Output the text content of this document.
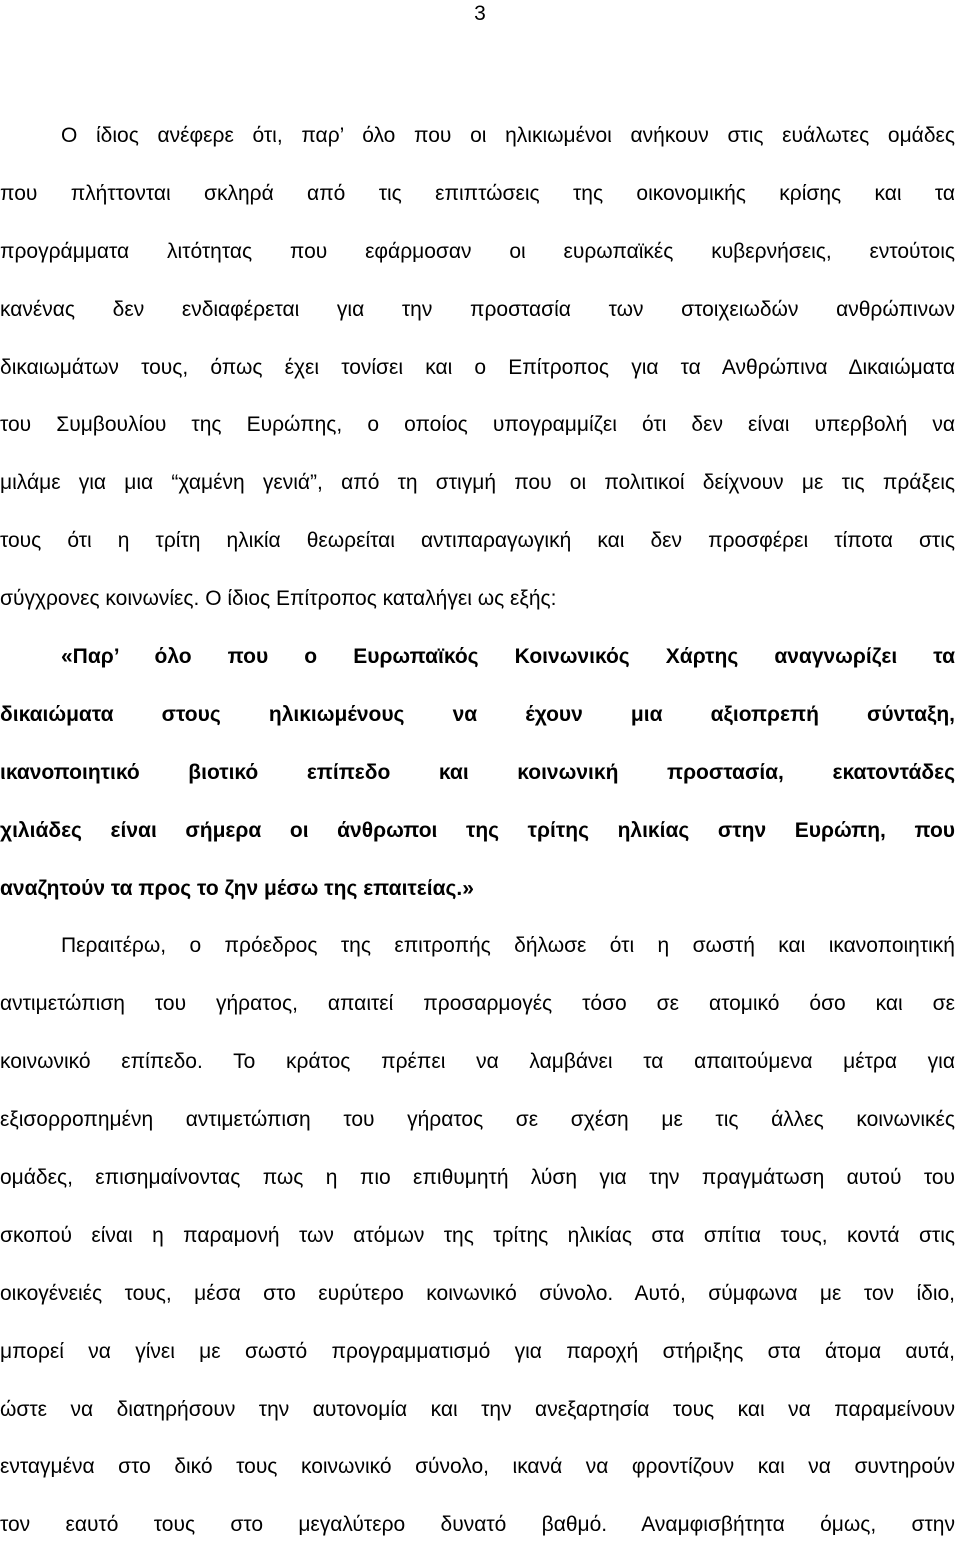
3
Ο ίδιος ανέφερε ότι, παρ’ όλο που οι ηλικιωμένοι ανήκουν στις ευάλωτες ομάδες
που πλήττονται σκληρά από τις επιπτώσεις της οικονομικής κρίσης και τα
προγράμματα λιτότητας που εφάρμοσαν οι ευρωπαϊκές κυβερνήσεις, εντούτοις
κανένας δεν ενδιαφέρεται για την προστασία των στοιχειωδών ανθρώπινων
δικαιωμάτων τους, όπως έχει τονίσει και ο Επίτροπος για τα Ανθρώπινα Δικαιώματα
του Συμβουλίου της Ευρώπης, ο οποίος υπογραμμίζει ότι δεν είναι υπερβολή να
μιλάμε για μια “χαμένη γενιά”, από τη στιγμή που οι πολιτικοί δείχνουν με τις πράξεις
τους ότι η τρίτη ηλικία θεωρείται αντιπαραγωγική και δεν προσφέρει τίποτα στις
σύγχρονες κοινωνίες. Ο ίδιος Επίτροπος καταλήγει ως εξής:
«Παρ’ όλο που ο Ευρωπαϊκός Κοινωνικός Χάρτης αναγνωρίζει τα
δικαιώματα στους ηλικιωμένους να έχουν μια αξιοπρεπή σύνταξη,
ικανοποιητικό βιοτικό επίπεδο και κοινωνική προστασία, εκατοντάδες
χιλιάδες είναι σήμερα οι άνθρωποι της τρίτης ηλικίας στην Ευρώπη, που
αναζητούν τα προς το ζην μέσω της επαιτείας.»
Περαιτέρω, ο πρόεδρος της επιτροπής δήλωσε ότι η σωστή και ικανοποιητική
αντιμετώπιση του γήρατος, απαιτεί προσαρμογές τόσο σε ατομικό όσο και σε
κοινωνικό επίπεδο. Το κράτος πρέπει να λαμβάνει τα απαιτούμενα μέτρα για
εξισορροπημένη αντιμετώπιση του γήρατος σε σχέση με τις άλλες κοινωνικές
ομάδες, επισημαίνοντας πως η πιο επιθυμητή λύση για την πραγμάτωση αυτού του
σκοπού είναι η παραμονή των ατόμων της τρίτης ηλικίας στα σπίτια τους, κοντά στις
οικογένειές τους, μέσα στο ευρύτερο κοινωνικό σύνολο. Αυτό, σύμφωνα με τον ίδιο,
μπορεί να γίνει με σωστό προγραμματισμό για παροχή στήριξης στα άτομα αυτά,
ώστε να διατηρήσουν την αυτονομία και την ανεξαρτησία τους και να παραμείνουν
ενταγμένα στο δικό τους κοινωνικό σύνολο, ικανά να φροντίζουν και να συντηρούν
τον εαυτό τους στο μεγαλύτερο δυνατό βαθμό. Αναμφισβήτητα όμως, στην
